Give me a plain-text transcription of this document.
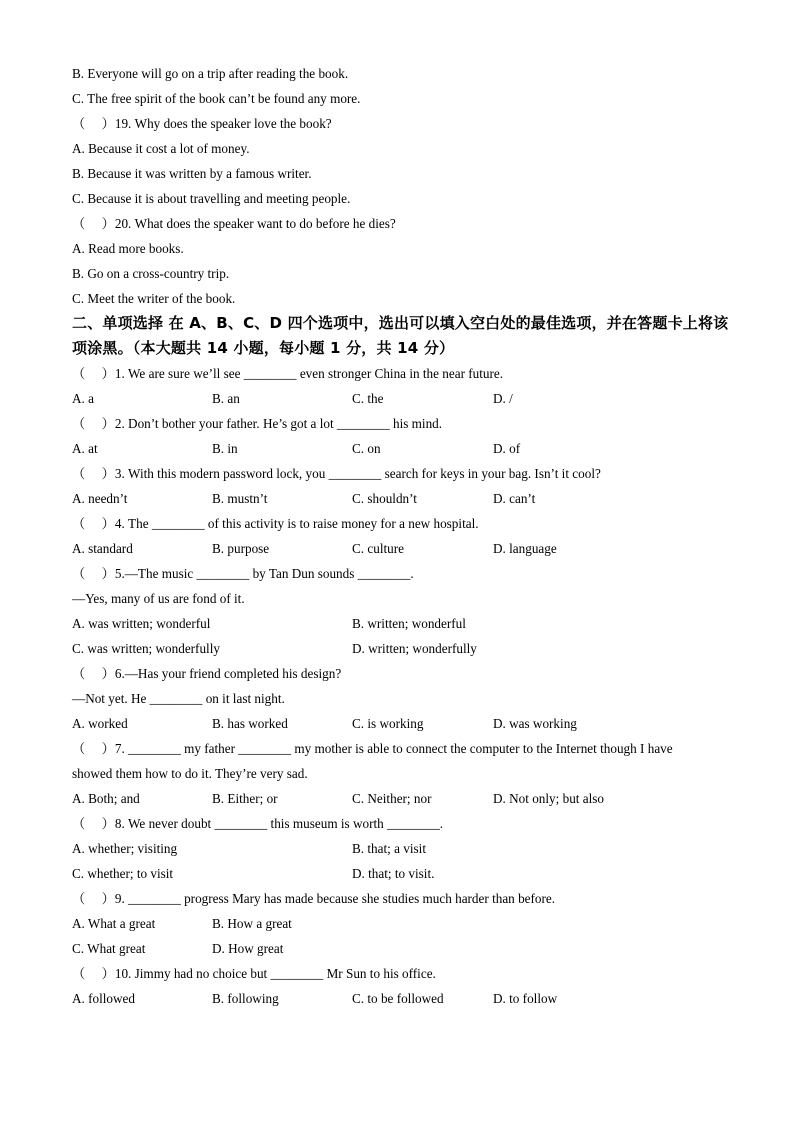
B. Everyone will go on a trip after reading the book.
C. The free spirit of the book can’t be found any more.
（　 ）19. Why does the speaker love the book?
A. Because it cost a lot of money.
B. Because it was written by a famous writer.
C. Because it is about travelling and meeting people.
（　 ）20. What does the speaker want to do before he dies?
A. Read more books.
B. Go on a cross-country trip.
C. Meet the writer of the book.
二、单项选择 在 A、B、C、D 四个选项中，选出可以填入空白处的最佳选项，并在答题卡上将该项涂黑。（本大题共 14 小题，每小题 1 分，共 14 分）
（　 ）1. We are sure we’ll see ________ even stronger China in the near future.
A. a	B. an	C. the	D. /
（　 ）2. Don’t bother your father. He’s got a lot ________ his mind.
A. at	B. in	C. on	D. of
（　 ）3. With this modern password lock, you ________ search for keys in your bag. Isn’t it cool?
A. needn’t	B. mustn’t	C. shouldn’t	D. can’t
（　 ）4. The ________ of this activity is to raise money for a new hospital.
A. standard	B. purpose	C. culture	D. language
（　 ）5.—The music ________ by Tan Dun sounds ________.
—Yes, many of us are fond of it.
A. was written; wonderful	B. written; wonderful
C. was written; wonderfully	D. written; wonderfully
（　 ）6.—Has your friend completed his design?
—Not yet. He ________ on it last night.
A. worked	B. has worked	C. is working	D. was working
（　 ）7. ________ my father ________ my mother is able to connect the computer to the Internet though I have
showed them how to do it. They’re very sad.
A. Both; and	B. Either; or	C. Neither; nor	D. Not only; but also
（　 ）8. We never doubt ________ this museum is worth ________.
A. whether; visiting	B. that; a visit
C. whether; to visit	D. that; to visit.
（　 ）9. ________ progress Mary has made because she studies much harder than before.
A. What a great	B. How a great
C. What great	D. How great
（　 ）10. Jimmy had no choice but ________ Mr Sun to his office.
A. followed	B. following	C. to be followed	D. to follow
